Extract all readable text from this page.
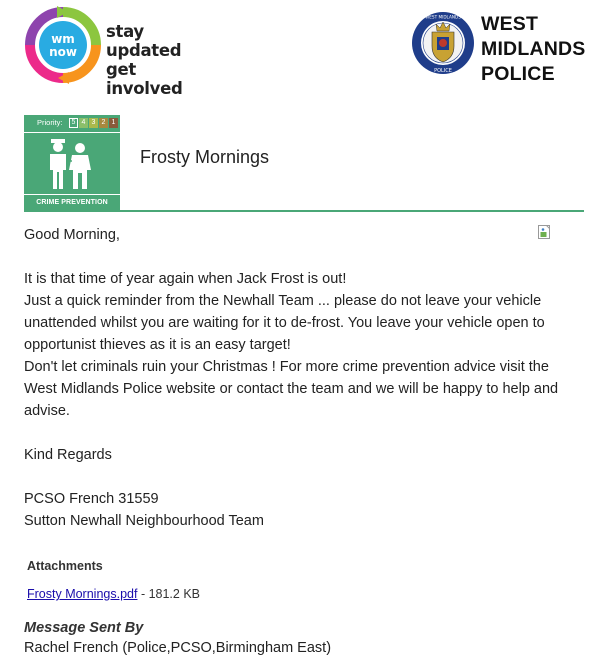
wm
now
stay updated
get involved
WEST MIDLANDS
POLICE
WEST
MIDLANDS
POLICE
Priority:	5 4 3 2 1
CRIME PREVENTION
Frosty Mornings

Good Morning,

It is that time of year again when Jack Frost is out!

Just a quick reminder from the Newhall Team ... please do not leave your vehicle unattended whilst you are waiting for it to de-frost. You leave your vehicle open to opportunist thieves as it is an easy target!

Don't let criminals ruin your Christmas ! For more crime prevention advice visit the West Midlands Police website or contact the team and we will be happy to help and advise.

Kind Regards

PCSO French 31559

Sutton Newhall Neighbourhood Team

Attachments
Frosty Mornings.pdf - 181.2 KB
Message Sent By
Rachel French (Police,PCSO,Birmingham East)
